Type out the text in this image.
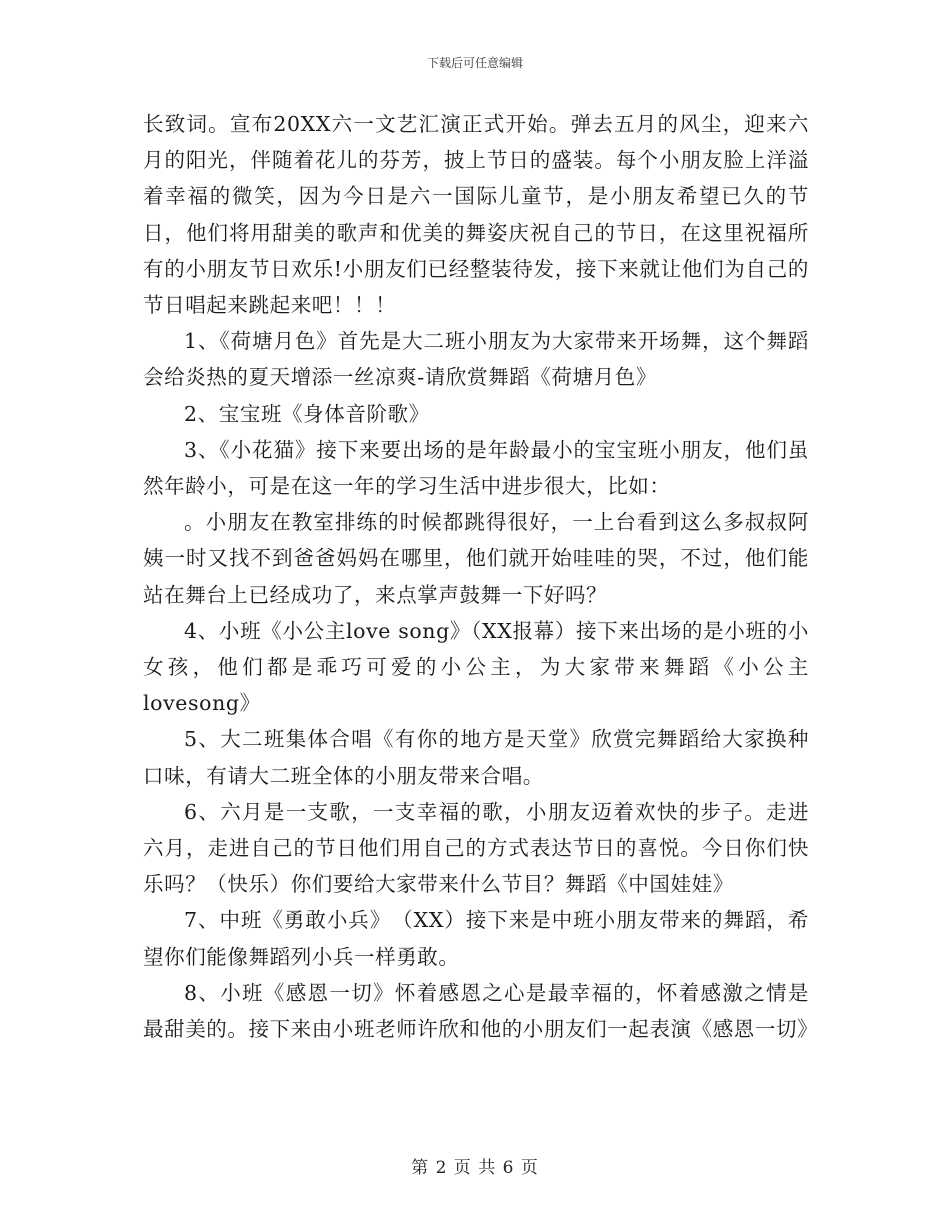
下载后可任意编辑

长致词。宣布20XX六一文艺汇演正式开始。弹去五月的风尘，迎来六月的阳光，伴随着花儿的芬芳，披上节日的盛装。每个小朋友脸上洋溢着幸福的微笑，因为今日是六一国际儿童节，是小朋友希望已久的节日，他们将用甜美的歌声和优美的舞姿庆祝自己的节日，在这里祝福所有的小朋友节日欢乐!小朋友们已经整装待发，接下来就让他们为自己的节日唱起来跳起来吧！！！

1、《荷塘月色》首先是大二班小朋友为大家带来开场舞，这个舞蹈会给炎热的夏天增添一丝凉爽-请欣赏舞蹈《荷塘月色》

2、宝宝班《身体音阶歌》

3、《小花猫》接下来要出场的是年龄最小的宝宝班小朋友，他们虽然年龄小，可是在这一年的学习生活中进步很大，比如：

。小朋友在教室排练的时候都跳得很好，一上台看到这么多叔叔阿姨一时又找不到爸爸妈妈在哪里，他们就开始哇哇的哭，不过，他们能站在舞台上已经成功了，来点掌声鼓舞一下好吗？

4、小班《小公主love song》（XX报幕）接下来出场的是小班的小女孩，他们都是乖巧可爱的小公主，为大家带来舞蹈《小公主lovesong》

5、大二班集体合唱《有你的地方是天堂》欣赏完舞蹈给大家换种口味，有请大二班全体的小朋友带来合唱。

6、六月是一支歌，一支幸福的歌，小朋友迈着欢快的步子。走进六月，走进自己的节日他们用自己的方式表达节日的喜悦。今日你们快乐吗？（快乐）你们要给大家带来什么节目？舞蹈《中国娃娃》

7、中班《勇敢小兵》　（XX）接下来是中班小朋友带来的舞蹈，希望你们能像舞蹈列小兵一样勇敢。

8、小班《感恩一切》怀着感恩之心是最幸福的，怀着感激之情是最甜美的。接下来由小班老师许欣和他的小朋友们一起表演《感恩一切》

第 2 页 共 6 页
